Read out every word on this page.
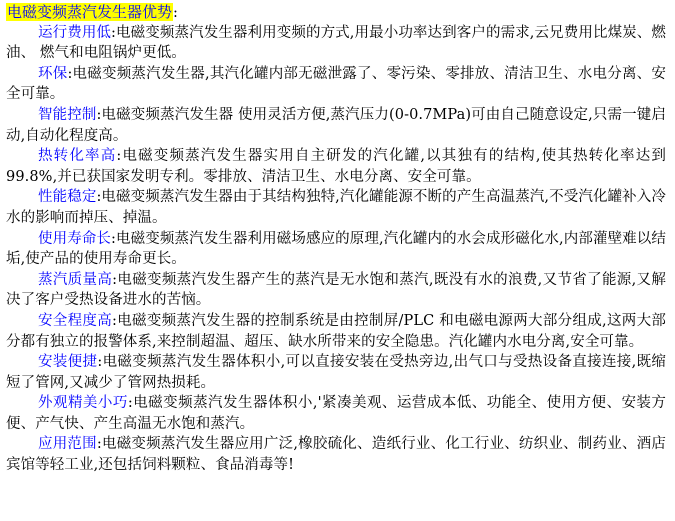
电磁变频蒸汽发生器优势:

运行费用低:电磁变频蒸汽发生器利用变频的方式,用最小功率达到客户的需求,云兄费用比煤炭、燃油、 燃气和电阻锅炉更低。

环保:电磁变频蒸汽发生器,其汽化罐内部无磁泄露了、零污染、零排放、清洁卫生、水电分离、安全可靠。

智能控制:电磁变频蒸汽发生器 使用灵活方便,蒸汽压力(0-0.7MPa)可由自己随意设定,只需一键启动,自动化程度高。

热转化率高:电磁变频蒸汽发生器实用自主研发的汽化罐,以其独有的结构,使其热转化率达到 99.8%,并已获国家发明专利。零排放、清洁卫生、水电分离、安全可靠。

性能稳定:电磁变频蒸汽发生器由于其结构独特,汽化罐能源不断的产生高温蒸汽,不受汽化罐补入冷水的影响而掉压、掉温。

使用寿命长:电磁变频蒸汽发生器利用磁场感应的原理,汽化罐内的水会成形磁化水,内部灌壁难以结垢,使产品的使用寿命更长。

蒸汽质量高:电磁变频蒸汽发生器产生的蒸汽是无水饱和蒸汽,既没有水的浪费,又节省了能源,又解决了客户受热设备进水的苦恼。

安全程度高:电磁变频蒸汽发生器的控制系统是由控制屏/PLC 和电磁电源两大部分组成,这两大部分都有独立的报警体系,来控制超温、超压、缺水所带来的安全隐患。汽化罐内水电分离,安全可靠。

安装便捷:电磁变频蒸汽发生器体积小,可以直接安装在受热旁边,出气口与受热设备直接连接,既缩短了管网,又减少了管网热损耗。

外观精美小巧:电磁变频蒸汽发生器体积小,'紧凑美观、运营成本低、功能全、使用方便、安装方便、产气快、产生高温无水饱和蒸汽。

应用范围:电磁变频蒸汽发生器应用广泛,橡胶硫化、造纸行业、化工行业、纺织业、制药业、酒店宾馆等轻工业,还包括饲料颗粒、食品消毒等!
